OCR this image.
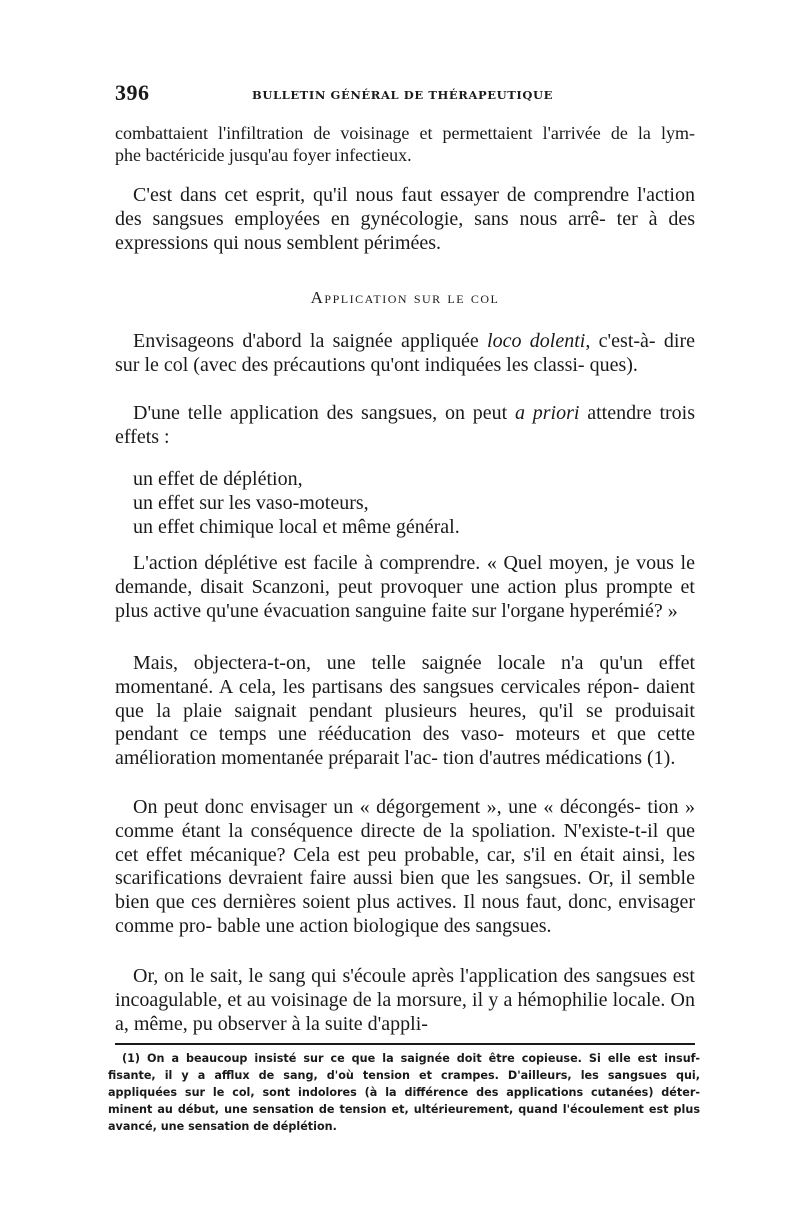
396	BULLETIN GÉNÉRAL DE THÉRAPEUTIQUE
combattaient l'infiltration de voisinage et permettaient l'arrivée de la lym-
phe bactéricide jusqu'au foyer infectieux.

C'est dans cet esprit, qu'il nous faut essayer de comprendre l'action des sangsues employées en gynécologie, sans nous arrê- ter à des expressions qui nous semblent périmées.

Application sur le col

Envisageons d'abord la saignée appliquée loco dolenti, c'est-à- dire sur le col (avec des précautions qu'ont indiquées les classi- ques).

D'une telle application des sangsues, on peut a priori attendre trois effets :

un effet de déplétion,
un effet sur les vaso-moteurs,
un effet chimique local et même général.

L'action déplétive est facile à comprendre. « Quel moyen, je vous le demande, disait Scanzoni, peut provoquer une action plus prompte et plus active qu'une évacuation sanguine faite sur l'organe hyperémié? »

Mais, objectera-t-on, une telle saignée locale n'a qu'un effet momentané. A cela, les partisans des sangsues cervicales répon- daient que la plaie saignait pendant plusieurs heures, qu'il se produisait pendant ce temps une rééducation des vaso- moteurs et que cette amélioration momentanée préparait l'ac- tion d'autres médications (1).

On peut donc envisager un « dégorgement », une « décongés- tion » comme étant la conséquence directe de la spoliation. N'existe-t-il que cet effet mécanique? Cela est peu probable, car, s'il en était ainsi, les scarifications devraient faire aussi bien que les sangsues. Or, il semble bien que ces dernières soient plus actives. Il nous faut, donc, envisager comme pro- bable une action biologique des sangsues.

Or, on le sait, le sang qui s'écoule après l'application des sangsues est incoagulable, et au voisinage de la morsure, il y a hémophilie locale. On a, même, pu observer à la suite d'appli-

(1) On a beaucoup insisté sur ce que la saignée doit être copieuse. Si elle est insuf- fisante, il y a afflux de sang, d'où tension et crampes. D'ailleurs, les sangsues qui, appliquées sur le col, sont indolores (à la différence des applications cutanées) déter- minent au début, une sensation de tension et, ultérieurement, quand l'écoulement est plus avancé, une sensation de déplétion.
